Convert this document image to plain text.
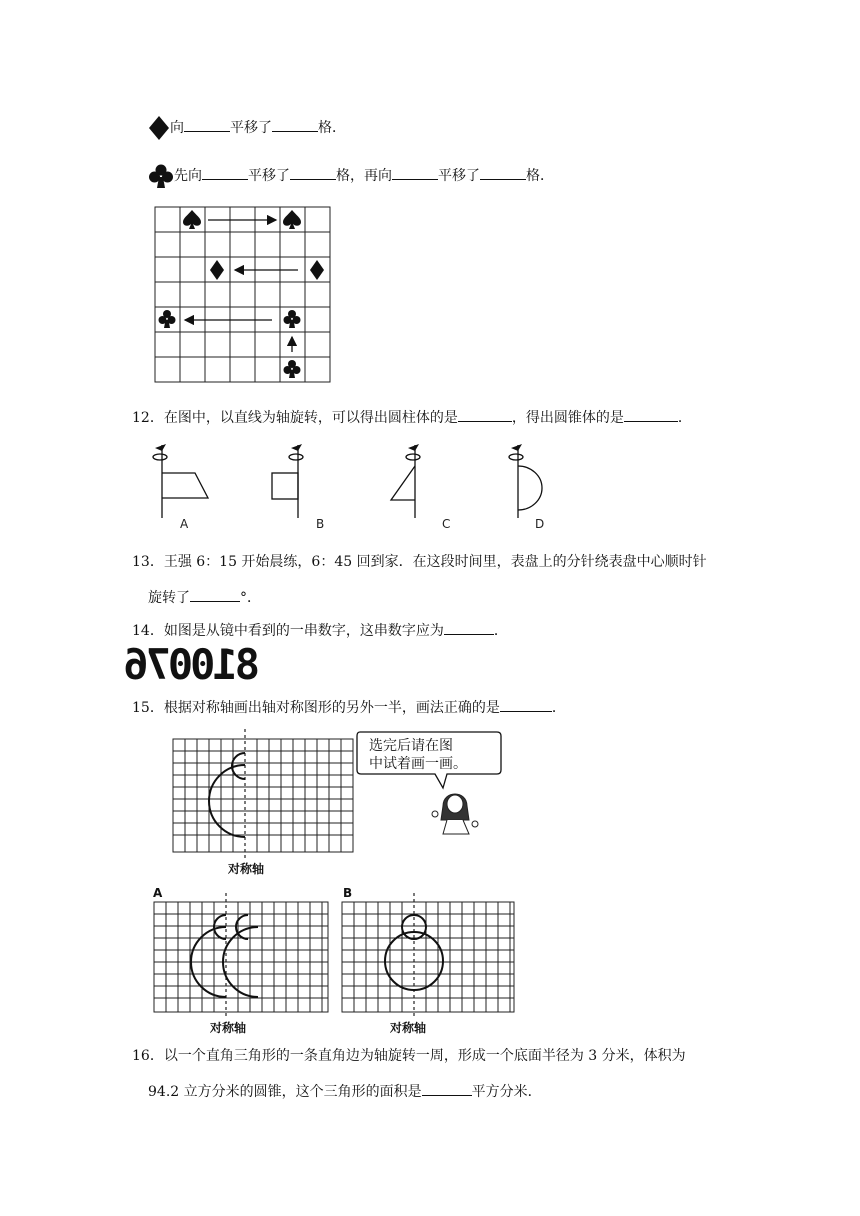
向	平移了	格．
先向	平移了	格，再向	平移了	格．
12．在图中，以直线为轴旋转，可以得出圆柱体的是	，得出圆锥体的是	．
A	B	C	D
13．王强 6：15 开始晨练，6：45 回到家．在这段时间里，表盘上的分针绕表盘中心顺时针
旋转了	°．
14．如图是从镜中看到的一串数字，这串数字应为	．
810076
15．根据对称轴画出轴对称图形的另外一半，画法正确的是	．
对称轴
选完后请在图
中试着画一画。
A
对称轴
B
对称轴
16．以一个直角三角形的一条直角边为轴旋转一周，形成一个底面半径为 3 分米，体积为
94.2 立方分米的圆锥，这个三角形的面积是	平方分米．
